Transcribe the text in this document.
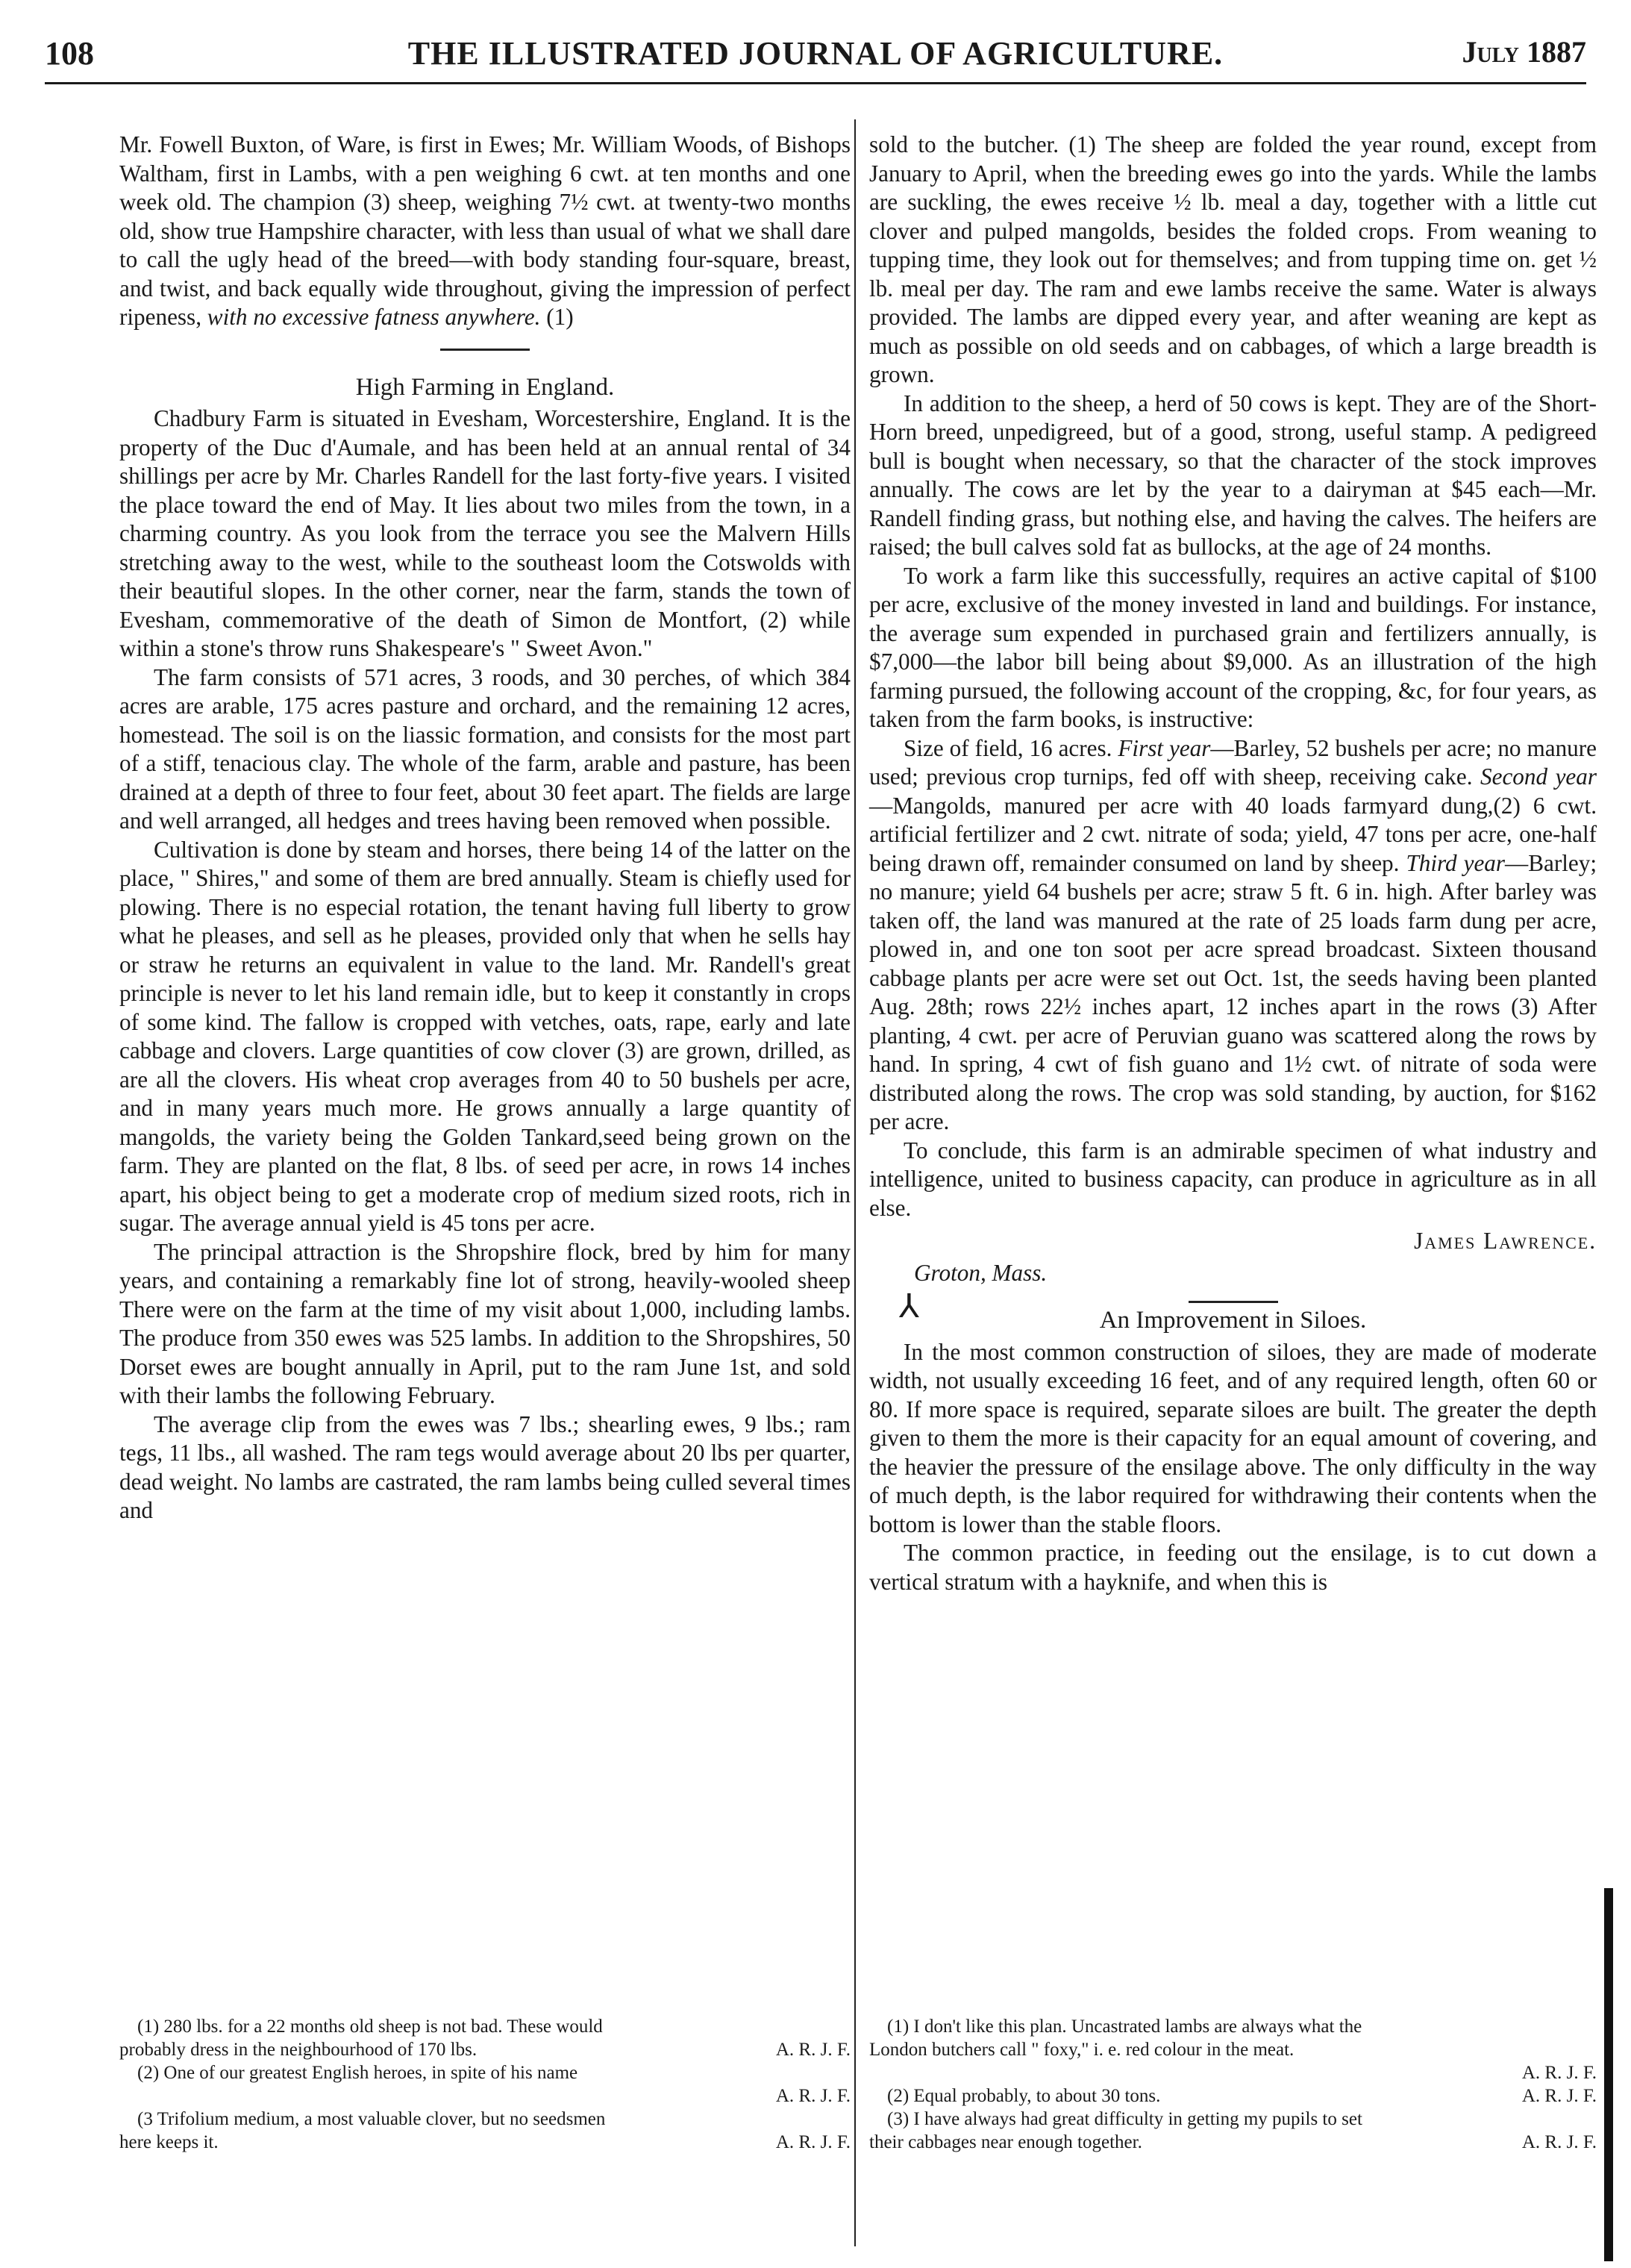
108	THE ILLUSTRATED JOURNAL OF AGRICULTURE.	July 1887

Mr. Fowell Buxton, of Ware, is first in Ewes; Mr. William Woods, of Bishops Waltham, first in Lambs, with a pen weighing 6 cwt. at ten months and one week old. The champion (3) sheep, weighing 7½ cwt. at twenty-two months old, show true Hampshire character, with less than usual of what we shall dare to call the ugly head of the breed—with body standing four-square, breast, and twist, and back equally wide throughout, giving the impression of perfect ripeness, with no excessive fatness anywhere. (1)

High Farming in England.

Chadbury Farm is situated in Evesham, Worcestershire, England. It is the property of the Duc d'Aumale, and has been held at an annual rental of 34 shillings per acre by Mr. Charles Randell for the last forty-five years. I visited the place toward the end of May. It lies about two miles from the town, in a charming country. As you look from the terrace you see the Malvern Hills stretching away to the west, while to the southeast loom the Cotswolds with their beautiful slopes. In the other corner, near the farm, stands the town of Evesham, commemorative of the death of Simon de Montfort, (2) while within a stone's throw runs Shakespeare's " Sweet Avon."

The farm consists of 571 acres, 3 roods, and 30 perches, of which 384 acres are arable, 175 acres pasture and orchard, and the remaining 12 acres, homestead. The soil is on the liassic formation, and consists for the most part of a stiff, tenacious clay. The whole of the farm, arable and pasture, has been drained at a depth of three to four feet, about 30 feet apart. The fields are large and well arranged, all hedges and trees having been removed when possible.

Cultivation is done by steam and horses, there being 14 of the latter on the place, " Shires," and some of them are bred annually. Steam is chiefly used for plowing. There is no especial rotation, the tenant having full liberty to grow what he pleases, and sell as he pleases, provided only that when he sells hay or straw he returns an equivalent in value to the land. Mr. Randell's great principle is never to let his land remain idle, but to keep it constantly in crops of some kind. The fallow is cropped with vetches, oats, rape, early and late cabbage and clovers. Large quantities of cow clover (3) are grown, drilled, as are all the clovers. His wheat crop averages from 40 to 50 bushels per acre, and in many years much more. He grows annually a large quantity of mangolds, the variety being the Golden Tankard,seed being grown on the farm. They are planted on the flat, 8 lbs. of seed per acre, in rows 14 inches apart, his object being to get a moderate crop of medium sized roots, rich in sugar. The average annual yield is 45 tons per acre.

The principal attraction is the Shropshire flock, bred by him for many years, and containing a remarkably fine lot of strong, heavily-wooled sheep There were on the farm at the time of my visit about 1,000, including lambs. The produce from 350 ewes was 525 lambs. In addition to the Shropshires, 50 Dorset ewes are bought annually in April, put to the ram June 1st, and sold with their lambs the following February.

The average clip from the ewes was 7 lbs.; shearling ewes, 9 lbs.; ram tegs, 11 lbs., all washed. The ram tegs would average about 20 lbs per quarter, dead weight. No lambs are castrated, the ram lambs being culled several times and

(1) 280 lbs. for a 22 months old sheep is not bad. These would
probably dress in the neighbourhood of 170 lbs.	A. R. J. F.
(2) One of our greatest English heroes, in spite of his name
A. R. J. F.
(3 Trifolium medium, a most valuable clover, but no seedsmen
here keeps it.	A. R. J. F.

sold to the butcher. (1) The sheep are folded the year round, except from January to April, when the breeding ewes go into the yards. While the lambs are suckling, the ewes receive ½ lb. meal a day, together with a little cut clover and pulped mangolds, besides the folded crops. From weaning to tupping time, they look out for themselves; and from tupping time on. get ½ lb. meal per day. The ram and ewe lambs receive the same. Water is always provided. The lambs are dipped every year, and after weaning are kept as much as possible on old seeds and on cabbages, of which a large breadth is grown.

In addition to the sheep, a herd of 50 cows is kept. They are of the Short-Horn breed, unpedigreed, but of a good, strong, useful stamp. A pedigreed bull is bought when necessary, so that the character of the stock improves annually. The cows are let by the year to a dairyman at $45 each—Mr. Randell finding grass, but nothing else, and having the calves. The heifers are raised; the bull calves sold fat as bullocks, at the age of 24 months.

To work a farm like this successfully, requires an active capital of $100 per acre, exclusive of the money invested in land and buildings. For instance, the average sum expended in purchased grain and fertilizers annually, is $7,000—the labor bill being about $9,000. As an illustration of the high farming pursued, the following account of the cropping, &c, for four years, as taken from the farm books, is instructive:

Size of field, 16 acres. First year—Barley, 52 bushels per acre; no manure used; previous crop turnips, fed off with sheep, receiving cake. Second year—Mangolds, manured per acre with 40 loads farmyard dung,(2) 6 cwt. artificial fertilizer and 2 cwt. nitrate of soda; yield, 47 tons per acre, one-half being drawn off, remainder consumed on land by sheep. Third year—Barley; no manure; yield 64 bushels per acre; straw 5 ft. 6 in. high. After barley was taken off, the land was manured at the rate of 25 loads farm dung per acre, plowed in, and one ton soot per acre spread broadcast. Sixteen thousand cabbage plants per acre were set out Oct. 1st, the seeds having been planted Aug. 28th; rows 22½ inches apart, 12 inches apart in the rows (3) After planting, 4 cwt. per acre of Peruvian guano was scattered along the rows by hand. In spring, 4 cwt of fish guano and 1½ cwt. of nitrate of soda were distributed along the rows. The crop was sold standing, by auction, for $162 per acre.

To conclude, this farm is an admirable specimen of what industry and intelligence, united to business capacity, can produce in agriculture as in all else.

James Lawrence.
Groton, Mass.
⅄	An Improvement in Siloes.

In the most common construction of siloes, they are made of moderate width, not usually exceeding 16 feet, and of any required length, often 60 or 80. If more space is required, separate siloes are built. The greater the depth given to them the more is their capacity for an equal amount of covering, and the heavier the pressure of the ensilage above. The only difficulty in the way of much depth, is the labor required for withdrawing their contents when the bottom is lower than the stable floors.

The common practice, in feeding out the ensilage, is to cut down a vertical stratum with a hayknife, and when this is

(1) I don't like this plan. Uncastrated lambs are always what the
London butchers call " foxy," i. e. red colour in the meat.
A. R. J. F.
(2) Equal probably, to about 30 tons.	A. R. J. F.
(3) I have always had great difficulty in getting my pupils to set
their cabbages near enough together.	A. R. J. F.
